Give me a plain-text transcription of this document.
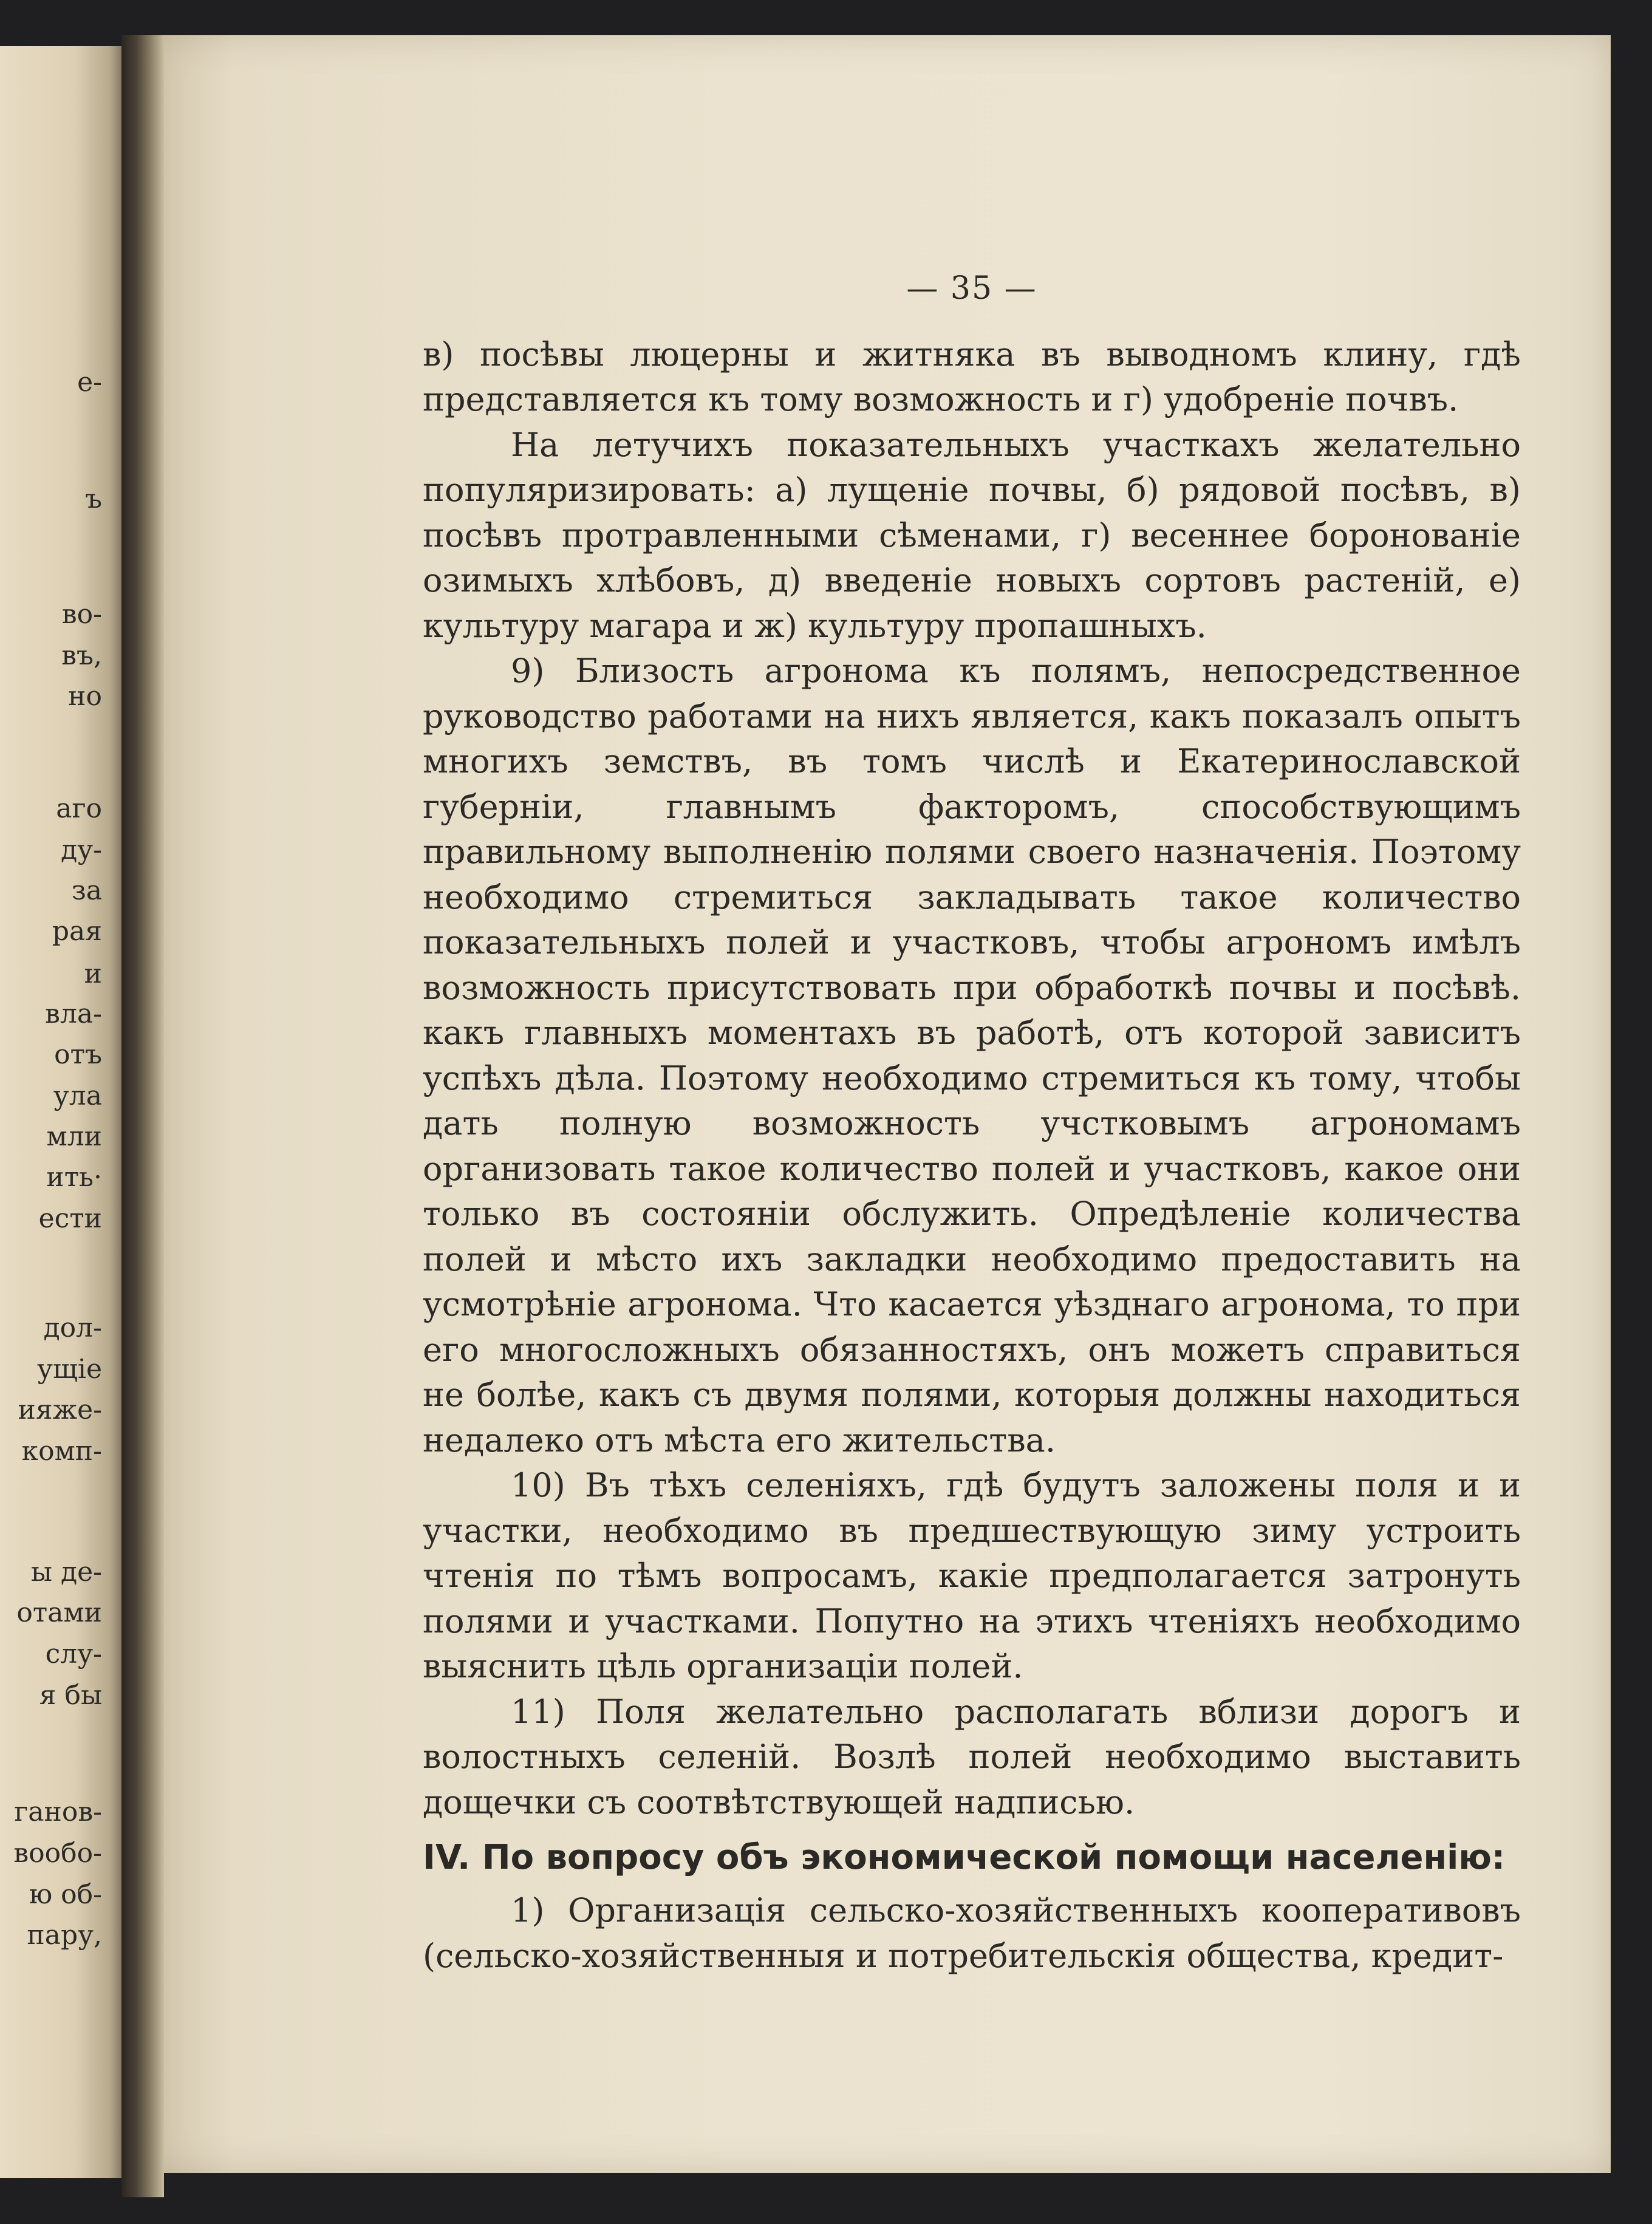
е-
ъ
во-
въ,
но
аго
ду-
за
рая
и
вла-
отъ
ула
мли
ить·
ести
дол-
ущіе
ияже-
комп-
ы де-
отами
слу-
я бы
ганов-
вообо-
ю об-
пару,
— 35 —

в) посѣвы люцерны и житняка въ выводномъ клину, гдѣ представляется къ тому возможность и г) удобреніе почвъ.

На летучихъ показательныхъ участкахъ желательно популяризировать: а) лущеніе почвы, б) рядовой посѣвъ, в) посѣвъ протравленными сѣменами, г) весеннее боронованіе озимыхъ хлѣбовъ, д) введеніе новыхъ сортовъ растеній, е) культуру магара и ж) культуру пропашныхъ.

9) Близость агронома къ полямъ, непосредственное руководство работами на нихъ является, какъ показалъ опытъ многихъ земствъ, въ томъ числѣ и Екатеринославской губерніи, главнымъ факторомъ, способствующимъ правильному выполненію полями своего назначенія. Поэтому необходимо стремиться закладывать такое количество показательныхъ полей и участковъ, чтобы агрономъ имѣлъ возможность присутствовать при обработкѣ почвы и посѣвѣ. какъ главныхъ моментахъ въ работѣ, отъ которой зависитъ успѣхъ дѣла. Поэтому необходимо стремиться къ тому, чтобы дать полную возможность учстковымъ агрономамъ организовать такое количество полей и участковъ, какое они только въ состояніи обслужить. Опредѣленіе количества полей и мѣсто ихъ закладки необходимо предоставить на усмотрѣніе агронома. Что касается уѣзднаго агронома, то при его многосложныхъ обязанностяхъ, онъ можетъ справиться не болѣе, какъ съ двумя полями, которыя должны находиться недалеко отъ мѣста его жительства.

10) Въ тѣхъ селеніяхъ, гдѣ будутъ заложены поля и и участки, необходимо въ предшествующую зиму устроить чтенія по тѣмъ вопросамъ, какіе предполагается затронуть полями и участками. Попутно на этихъ чтеніяхъ необходимо выяснить цѣль организаціи полей.

11) Поля желательно располагать вблизи дорогъ и волостныхъ селеній. Возлѣ полей необходимо выставить дощечки съ соотвѣтствующей надписью.

IV. По вопросу объ экономической помощи населенію:

1) Организація сельско-хозяйственныхъ кооперативовъ (сельско-хозяйственныя и потребительскія общества, кредит-
